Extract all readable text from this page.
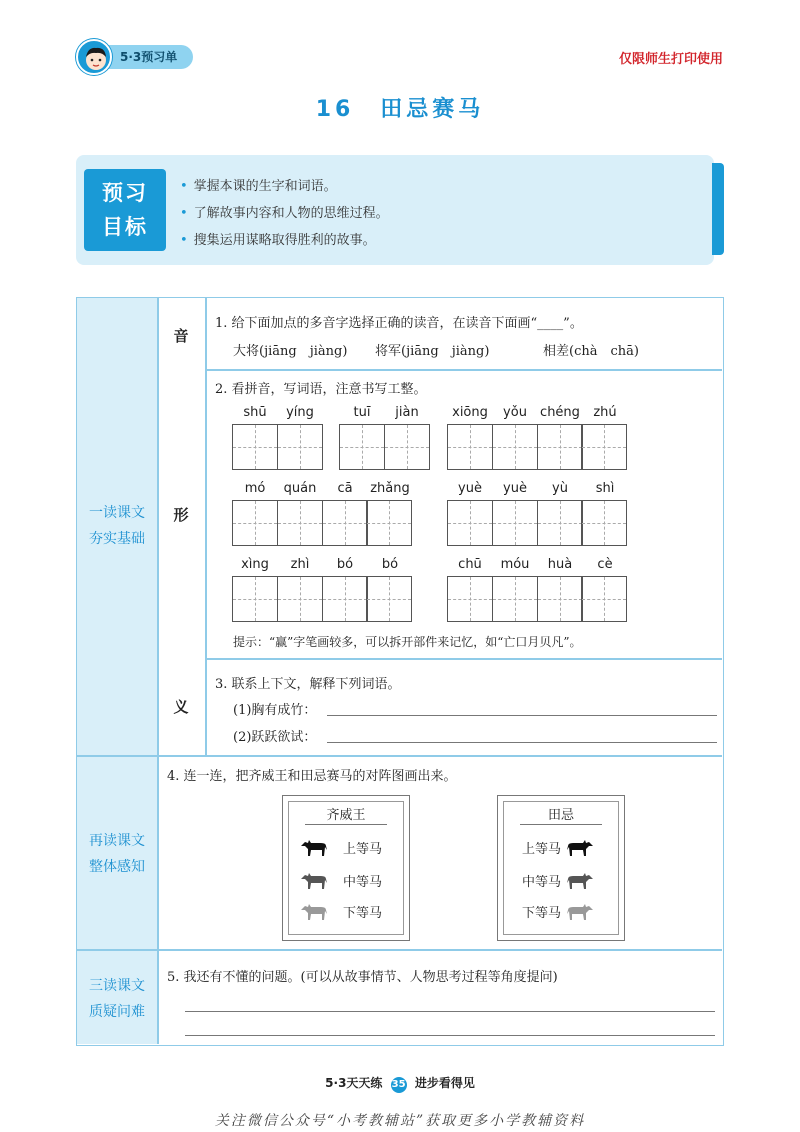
5·3预习单	仅限师生打印使用
16　田忌赛马
预习
目标
• 掌握本课的生字和词语。
• 了解故事内容和人物的思维过程。
• 搜集运用谋略取得胜利的故事。
一读课文
夯实基础
再读课文
整体感知
三读课文
质疑问难
音
形
义
1. 给下面加点的多音字选择正确的读音，在读音下面画“____”。
大将(jiāng　jiàng) 将军(jiāng　jiàng)	相差(chà　chā)
2. 看拼音，写词语，注意书写工整。
shū	yíng	tuī	jiàn	xiōng	yǒu	chéng	zhú
mó	quán	cā	zhǎng	yuè	yuè	yù	shì
xìng	zhì	bó	bó	chū	móu	huà	cè
提示：“赢”字笔画较多，可以拆开部件来记忆，如“亡口月贝凡”。
3. 联系上下文，解释下列词语。
(1)胸有成竹：
(2)跃跃欲试：
4. 连一连，把齐威王和田忌赛马的对阵图画出来。
齐威王
上等马
中等马
下等马
田忌
上等马
中等马
下等马
5. 我还有不懂的问题。(可以从故事情节、人物思考过程等角度提问)
5·3天天练 35 进步看得见
关注微信公众号“小考教辅站”获取更多小学教辅资料
